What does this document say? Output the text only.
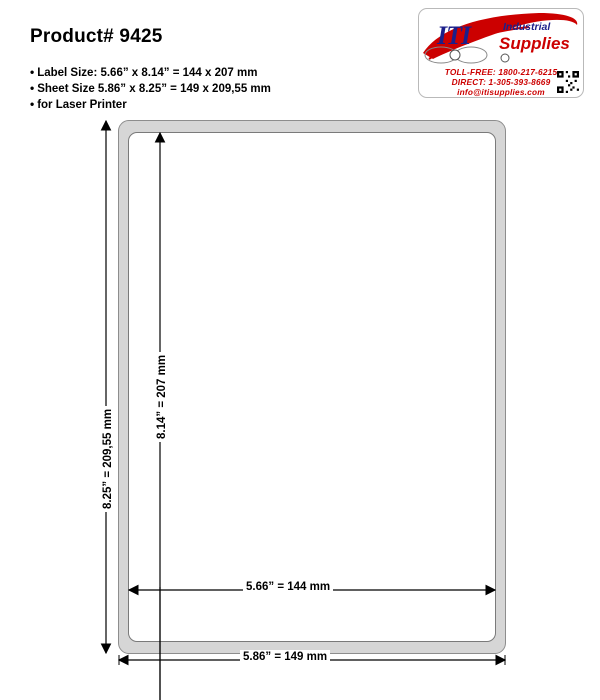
Product# 9425
• Label Size: 5.66” x 8.14” = 144 x 207 mm
• Sheet Size 5.86” x 8.25” = 149 x 209,55 mm
• for Laser Printer
ITI	Industrial
Supplies
TOLL-FREE: 1800-217-6215
DIRECT: 1-305-393-8669
info@itisupplies.com
8.25” = 209,55 mm
8.14” = 207 mm
5.66” = 144 mm
5.86” = 149 mm
